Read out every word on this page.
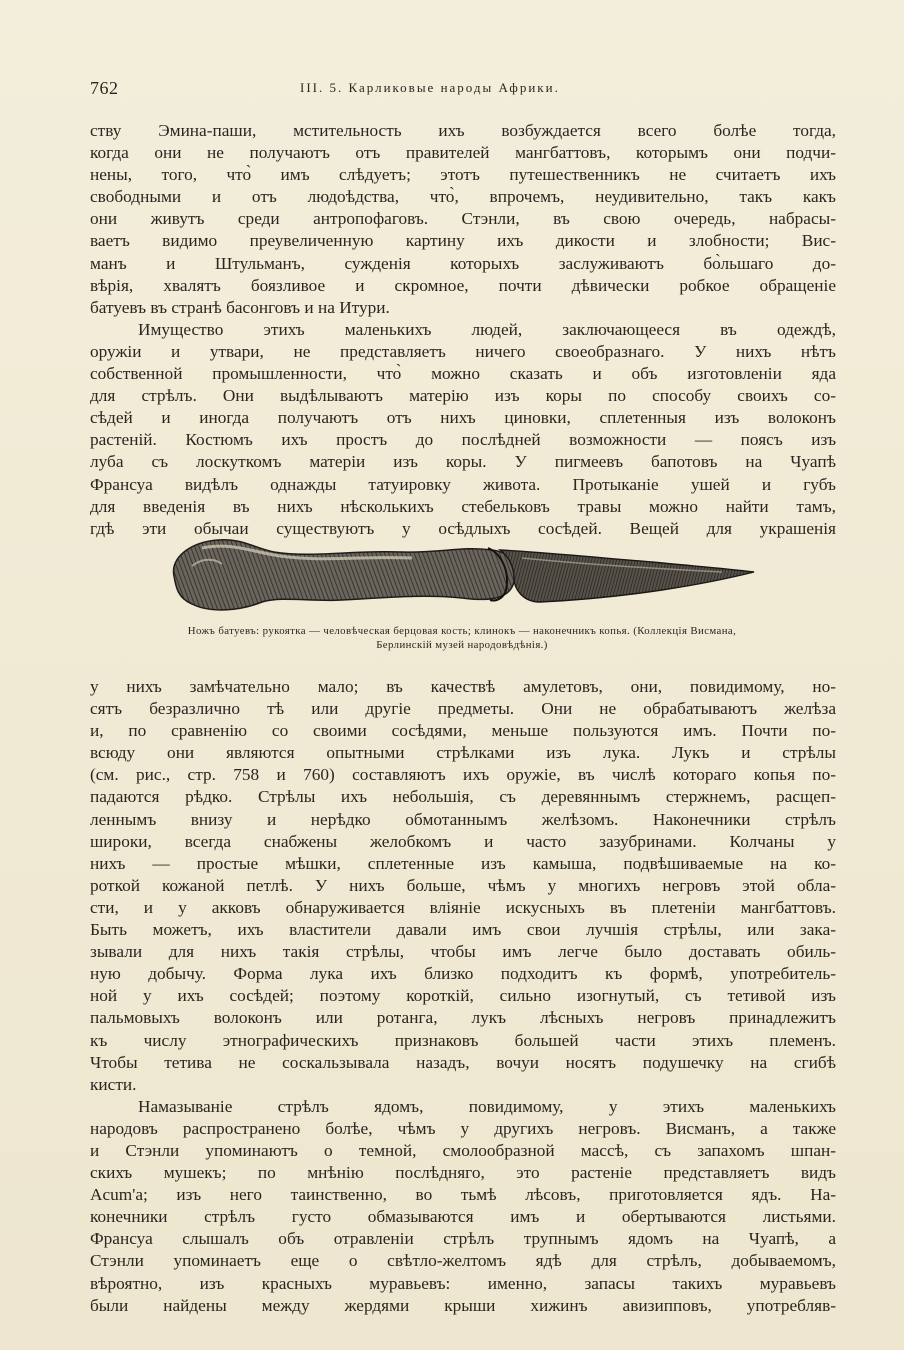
762	III. 5. Карликовые народы Африки.
ству Эмина-паши, мстительность ихъ возбуждается всего болѣе тогда,
когда они не получаютъ отъ правителей мангбаттовъ, которымъ они подчи-
нены, того, что̀ имъ слѣдуетъ; этотъ путешественникъ не считаетъ ихъ
свободными и отъ людоѣдства, что̀, впрочемъ, неудивительно, такъ какъ
они живутъ среди антропофаговъ. Стэнли, въ свою очередь, набрасы-
ваетъ видимо преувеличенную картину ихъ дикости и злобности; Вис-
манъ и Штульманъ, сужденія которыхъ заслуживаютъ бо̀льшаго до-
вѣрія, хвалятъ боязливое и скромное, почти дѣвически робкое обращеніе
батуевъ въ странѣ басонговъ и на Итури.
Имущество этихъ маленькихъ людей, заключающееся въ одеждѣ,
оружіи и утвари, не представляетъ ничего своеобразнаго. У нихъ нѣтъ
собственной промышленности, что̀ можно сказать и объ изготовленіи яда
для стрѣлъ. Они выдѣлываютъ матерію изъ коры по способу своихъ со-
сѣдей и иногда получаютъ отъ нихъ циновки, сплетенныя изъ волоконъ
растеній. Костюмъ ихъ простъ до послѣдней возможности — поясъ изъ
луба съ лоскуткомъ матеріи изъ коры. У пигмеевъ бапотовъ на Чуапѣ
Франсуа видѣлъ однажды татуировку живота. Протыканіе ушей и губъ
для введенія въ нихъ нѣсколькихъ стебельковъ травы можно найти тамъ,
гдѣ эти обычаи существуютъ у осѣдлыхъ сосѣдей. Вещей для украшенія
Ножъ батуевъ: рукоятка — человѣческая берцовая кость; клинокъ — наконечникъ копья. (Коллекція Висмана,
Берлинскій музей народовѣдѣнія.)
у нихъ замѣчательно мало; въ качествѣ амулетовъ, они, повидимому, но-
сятъ безразлично тѣ или другіе предметы. Они не обрабатываютъ желѣза
и, по сравненію со своими сосѣдями, меньше пользуются имъ. Почти по-
всюду они являются опытными стрѣлками изъ лука. Лукъ и стрѣлы
(см. рис., стр. 758 и 760) составляютъ ихъ оружіе, въ числѣ котораго копья по-
падаются рѣдко. Стрѣлы ихъ небольшія, съ деревяннымъ стержнемъ, расщеп-
леннымъ внизу и нерѣдко обмотаннымъ желѣзомъ. Наконечники стрѣлъ
широки, всегда снабжены желобкомъ и часто зазубринами. Колчаны у
нихъ — простые мѣшки, сплетенные изъ камыша, подвѣшиваемые на ко-
роткой кожаной петлѣ. У нихъ больше, чѣмъ у многихъ негровъ этой обла-
сти, и у акковъ обнаруживается вліяніе искусныхъ въ плетеніи мангбаттовъ.
Быть можетъ, ихъ властители давали имъ свои лучшія стрѣлы, или зака-
зывали для нихъ такія стрѣлы, чтобы имъ легче было доставать обиль-
ную добычу. Форма лука ихъ близко подходитъ къ формѣ, употребитель-
ной у ихъ сосѣдей; поэтому короткій, сильно изогнутый, съ тетивой изъ
пальмовыхъ волоконъ или ротанга, лукъ лѣсныхъ негровъ принадлежитъ
къ числу этнографическихъ признаковъ большей части этихъ племенъ.
Чтобы тетива не соскальзывала назадъ, вочуи носятъ подушечку на сгибѣ
кисти.
Намазываніе стрѣлъ ядомъ, повидимому, у этихъ маленькихъ
народовъ распространено болѣе, чѣмъ у другихъ негровъ. Висманъ, а также
и Стэнли упоминаютъ о темной, смолообразной массѣ, съ запахомъ шпан-
скихъ мушекъ; по мнѣнію послѣдняго, это растеніе представляетъ видъ
Acum'а; изъ него таинственно, во тьмѣ лѣсовъ, приготовляется ядъ. На-
конечники стрѣлъ густо обмазываются имъ и обертываются листьями.
Франсуа слышалъ объ отравленіи стрѣлъ трупнымъ ядомъ на Чуапѣ, а
Стэнли упоминаетъ еще о свѣтло-желтомъ ядѣ для стрѣлъ, добываемомъ,
вѣроятно, изъ красныхъ муравьевъ: именно, запасы такихъ муравьевъ
были найдены между жердями крыши хижинъ авизипповъ, употребляв-
